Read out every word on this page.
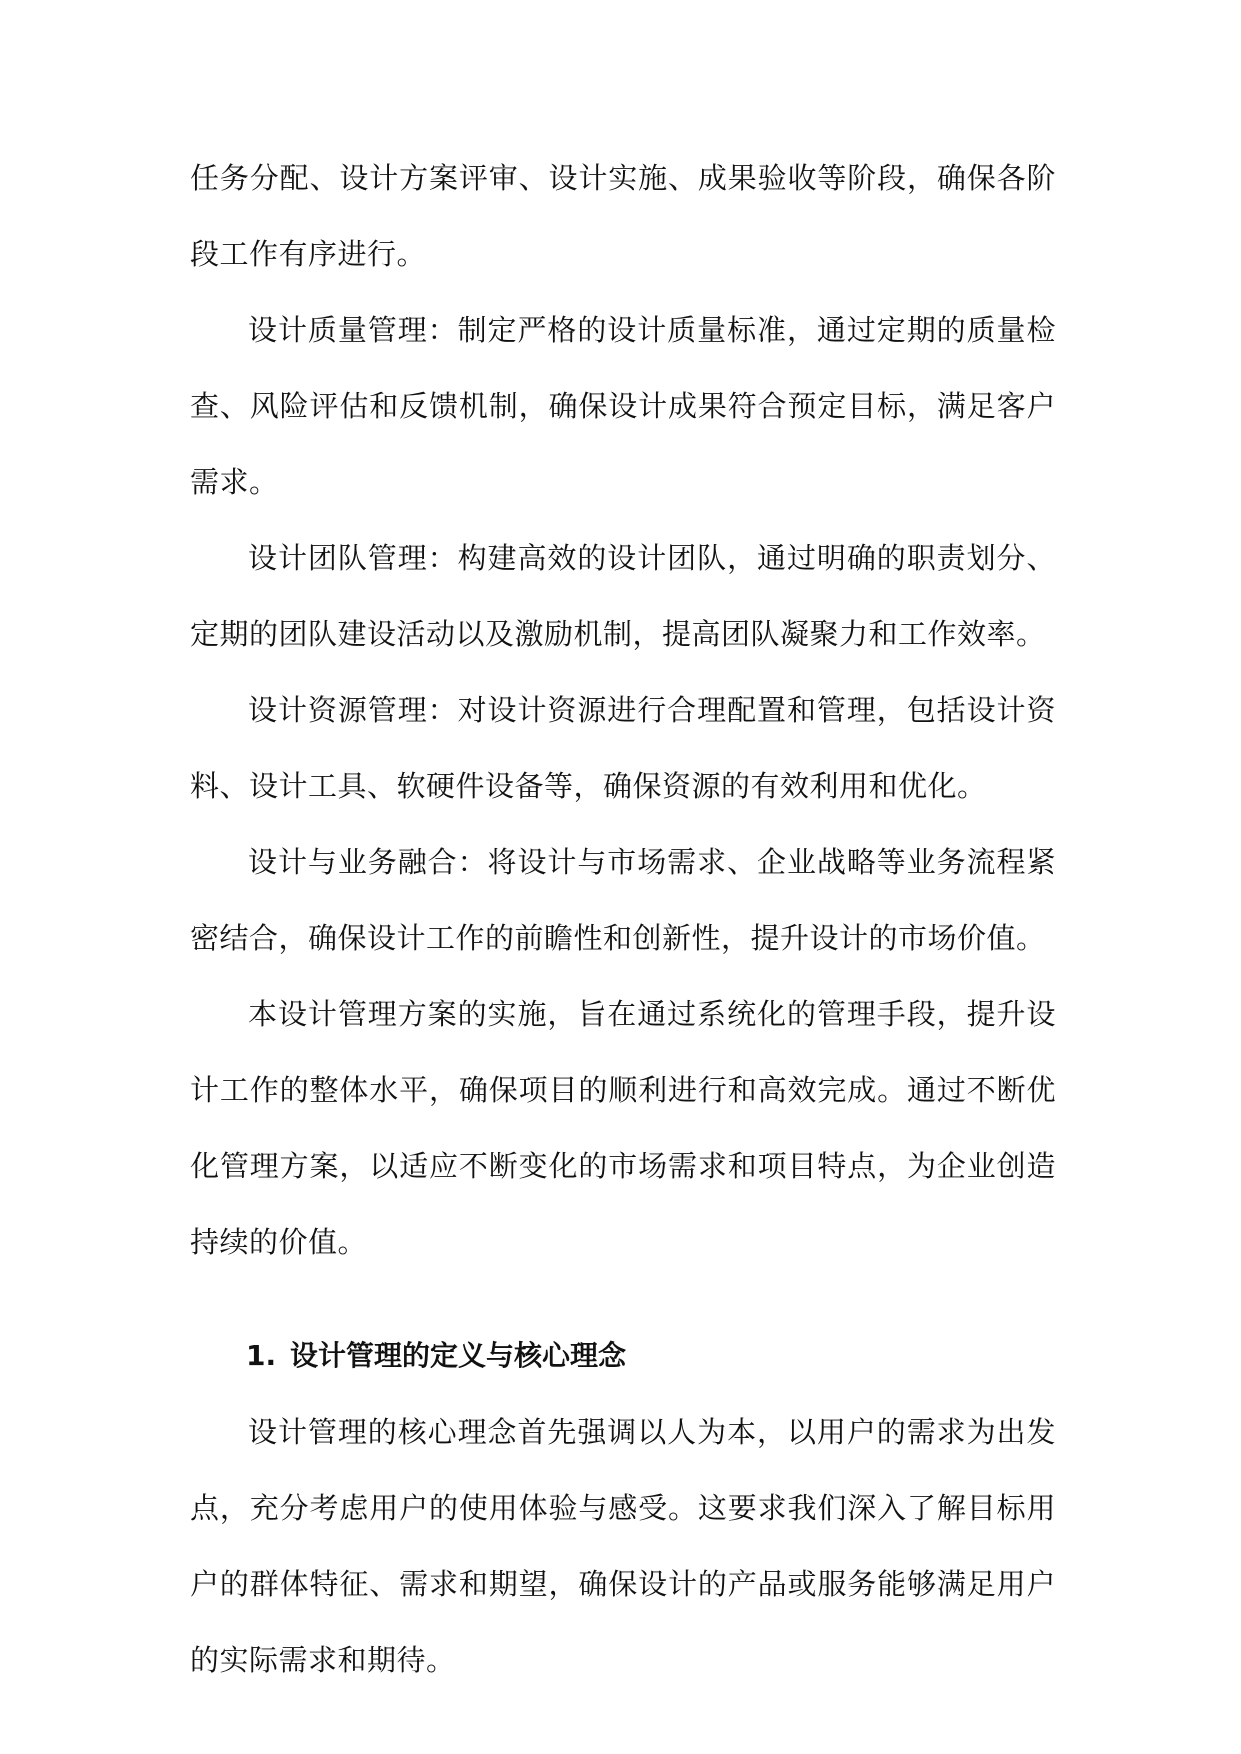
任务分配、设计方案评审、设计实施、成果验收等阶段，确保各阶段工作有序进行。

设计质量管理：制定严格的设计质量标准，通过定期的质量检查、风险评估和反馈机制，确保设计成果符合预定目标，满足客户需求。

设计团队管理：构建高效的设计团队，通过明确的职责划分、定期的团队建设活动以及激励机制，提高团队凝聚力和工作效率。

设计资源管理：对设计资源进行合理配置和管理，包括设计资料、设计工具、软硬件设备等，确保资源的有效利用和优化。

设计与业务融合：将设计与市场需求、企业战略等业务流程紧密结合，确保设计工作的前瞻性和创新性，提升设计的市场价值。

本设计管理方案的实施，旨在通过系统化的管理手段，提升设计工作的整体水平，确保项目的顺利进行和高效完成。通过不断优化管理方案，以适应不断变化的市场需求和项目特点，为企业创造持续的价值。

1. 设计管理的定义与核心理念

设计管理的核心理念首先强调以人为本，以用户的需求为出发点，充分考虑用户的使用体验与感受。这要求我们深入了解目标用户的群体特征、需求和期望，确保设计的产品或服务能够满足用户的实际需求和期待。
